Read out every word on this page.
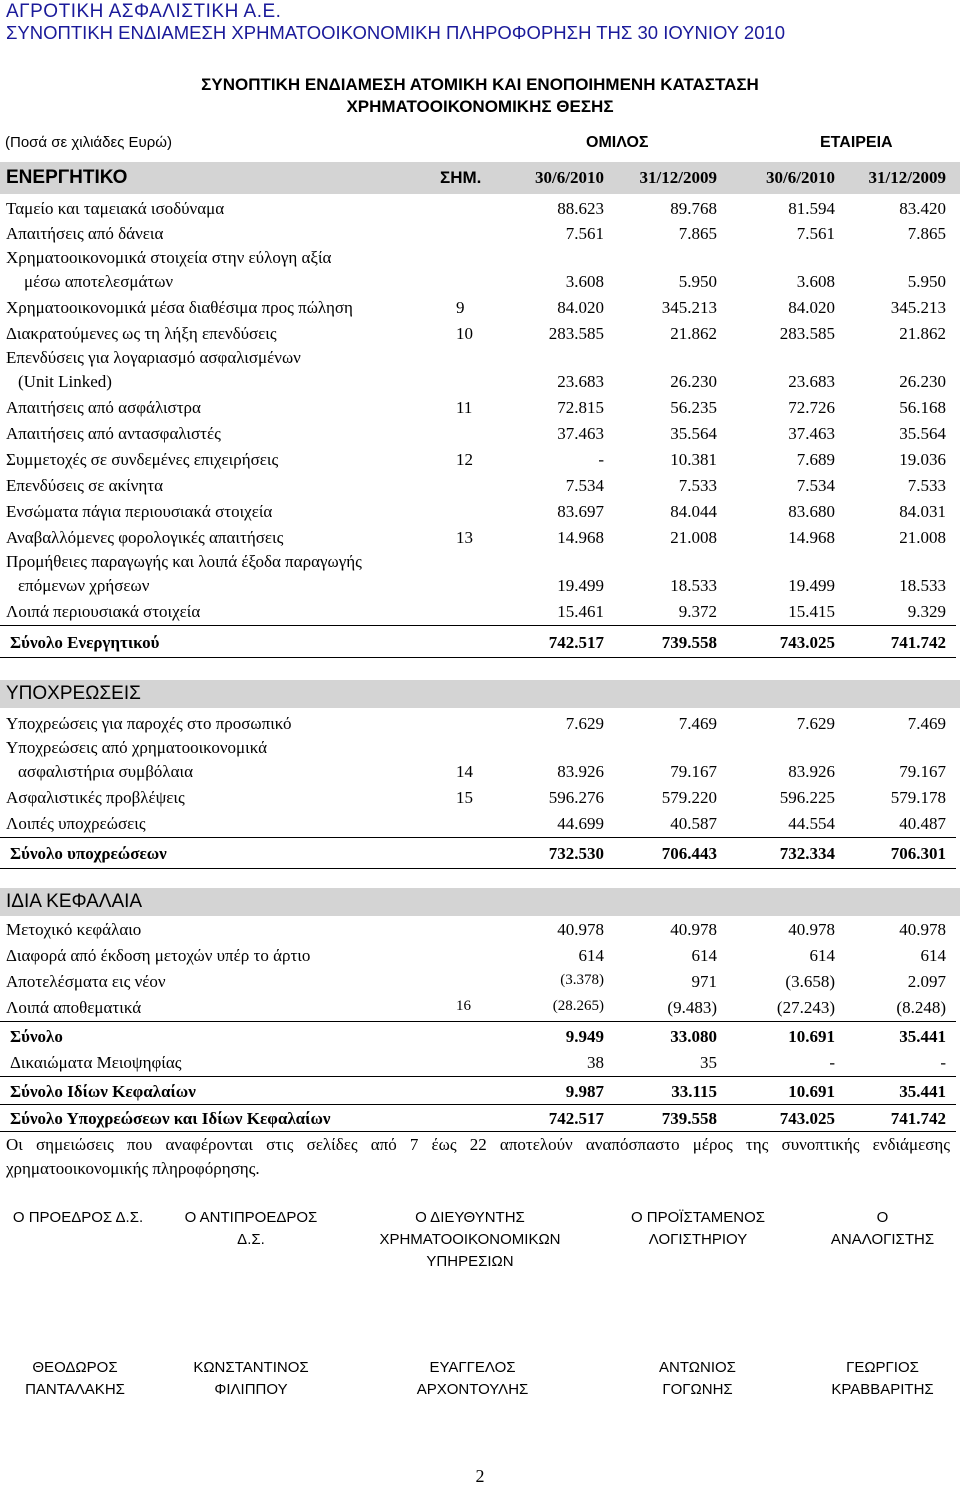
ΑΓΡΟΤΙΚΗ ΑΣΦΑΛΙΣΤΙΚΗ Α.Ε.
ΣΥΝΟΠΤΙΚΗ ΕΝΔΙΑΜΕΣΗ ΧΡΗΜΑΤΟΟΙΚΟΝΟΜΙΚΗ ΠΛΗΡΟΦΟΡΗΣΗ ΤΗΣ 30 ΙΟΥΝΙΟΥ 2010
ΣΥΝΟΠΤΙΚΗ ΕΝΔΙΑΜΕΣΗ ΑΤΟΜΙΚΗ ΚΑΙ ΕΝΟΠΟΙΗΜΕΝΗ ΚΑΤΑΣΤΑΣΗ
ΧΡΗΜΑΤΟΟΙΚΟΝΟΜΙΚΗΣ ΘΕΣΗΣ
(Ποσά σε χιλιάδες Ευρώ)	ΟΜΙΛΟΣ	ΕΤΑΙΡΕΙΑ
ΕΝΕΡΓΗΤΙΚΟ	ΣΗΜ.	30/6/2010	31/12/2009	30/6/2010	31/12/2009
Ταμείο και ταμειακά ισοδύναμα	88.623	89.768	81.594	83.420
Απαιτήσεις από δάνεια	7.561	7.865	7.561	7.865
Χρηματοοικονομικά στοιχεία στην εύλογη αξία
μέσω αποτελεσμάτων	3.608	5.950	3.608	5.950
Χρηματοοικονομικά μέσα διαθέσιμα προς πώληση	9	84.020	345.213	84.020	345.213
Διακρατούμενες ως τη λήξη επενδύσεις	10	283.585	21.862	283.585	21.862
Επενδύσεις για λογαριασμό ασφαλισμένων
(Unit Linked)	23.683	26.230	23.683	26.230
Απαιτήσεις από ασφάλιστρα	11	72.815	56.235	72.726	56.168
Απαιτήσεις από αντασφαλιστές	37.463	35.564	37.463	35.564
Συμμετοχές σε συνδεμένες επιχειρήσεις	12	-	10.381	7.689	19.036
Επενδύσεις σε ακίνητα	7.534	7.533	7.534	7.533
Ενσώματα πάγια περιουσιακά στοιχεία	83.697	84.044	83.680	84.031
Αναβαλλόμενες φορολογικές απαιτήσεις	13	14.968	21.008	14.968	21.008
Προμήθειες παραγωγής και λοιπά έξοδα παραγωγής
επόμενων χρήσεων	19.499	18.533	19.499	18.533
Λοιπά περιουσιακά στοιχεία	15.461	9.372	15.415	9.329
Σύνολο Ενεργητικού	742.517	739.558	743.025	741.742
ΥΠΟΧΡΕΩΣΕΙΣ
Υποχρεώσεις για παροχές στο προσωπικό	7.629	7.469	7.629	7.469
Υποχρεώσεις από χρηματοοικονομικά
ασφαλιστήρια συμβόλαια	14	83.926	79.167	83.926	79.167
Ασφαλιστικές προβλέψεις	15	596.276	579.220	596.225	579.178
Λοιπές υποχρεώσεις	44.699	40.587	44.554	40.487
Σύνολο υποχρεώσεων	732.530	706.443	732.334	706.301
ΙΔΙΑ ΚΕΦΑΛΑΙΑ
Μετοχικό κεφάλαιο	40.978	40.978	40.978	40.978
Διαφορά από έκδοση μετοχών υπέρ το άρτιο	614	614	614	614
Αποτελέσματα εις νέον	(3.378)	971	(3.658)	2.097
Λοιπά αποθεματικά	16	(28.265)	(9.483)	(27.243)	(8.248)
Σύνολο	9.949	33.080	10.691	35.441
Δικαιώματα Μειοψηφίας	38	35	-	-
Σύνολο Ιδίων Κεφαλαίων	9.987	33.115	10.691	35.441
Σύνολο Υποχρεώσεων και Ιδίων Κεφαλαίων	742.517	739.558	743.025	741.742
Οι σημειώσεις που αναφέρονται στις σελίδες από 7 έως 22 αποτελούν αναπόσπαστο μέρος της συνοπτικής ενδιάμεσης χρηματοοικονομικής πληροφόρησης.
Ο ΠΡΟΕΔΡΟΣ Δ.Σ.	Ο ΑΝΤΙΠΡΟΕΔΡΟΣ
Δ.Σ.
Ο ΔΙΕΥΘΥΝΤΗΣ
ΧΡΗΜΑΤΟΟΙΚΟΝΟΜΙΚΩΝ
ΥΠΗΡΕΣΙΩΝ
Ο ΠΡΟΪΣΤΑΜΕΝΟΣ
ΛΟΓΙΣΤΗΡΙΟΥ
Ο
ΑΝΑΛΟΓΙΣΤΗΣ
ΘΕΟΔΩΡΟΣ
ΠΑΝΤΑΛΑΚΗΣ
ΚΩΝΣΤΑΝΤΙΝΟΣ
ΦΙΛΙΠΠΟΥ
ΕΥΑΓΓΕΛΟΣ
ΑΡΧΟΝΤΟΥΛΗΣ
ΑΝΤΩΝΙΟΣ
ΓΟΓΩΝΗΣ
ΓΕΩΡΓΙΟΣ
ΚΡΑΒΒΑΡΙΤΗΣ
2
